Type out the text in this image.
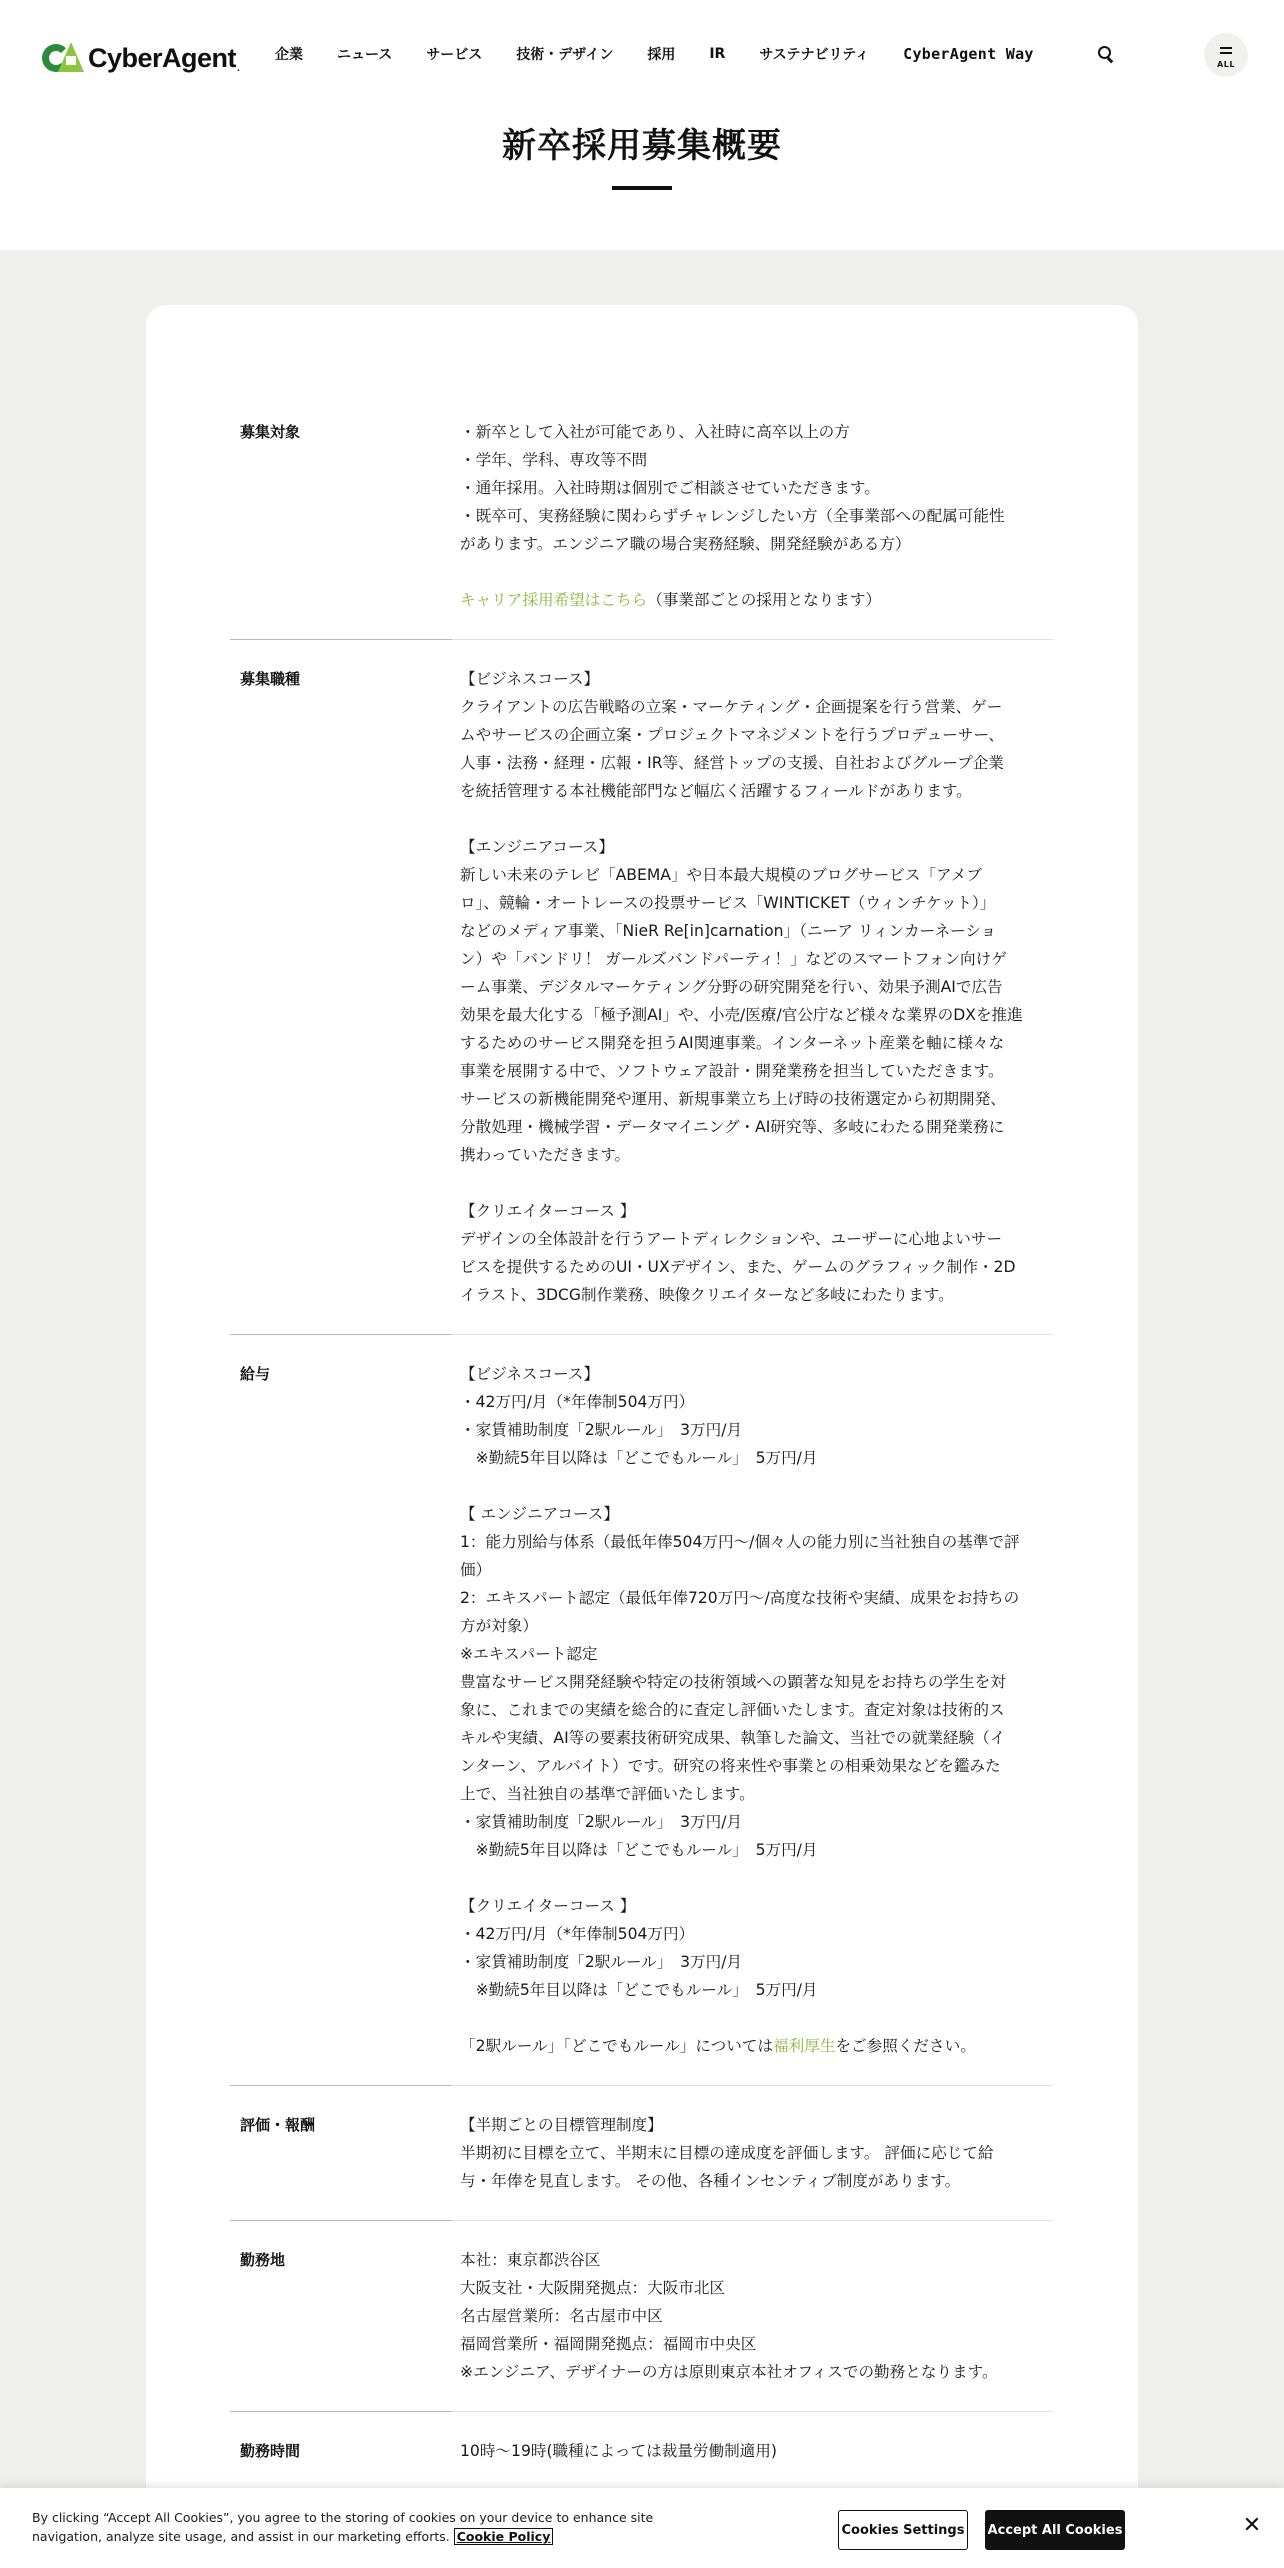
CyberAgent.
企業 ニュース サービス 技術・デザイン 採用 IR サステナビリティ CyberAgent Way
ALL
新卒採用募集概要
募集対象	・新卒として入社が可能であり、入社時に高卒以上の方

・学年、学科、専攻等不問

・通年採用。入社時期は個別でご相談させていただきます。

・既卒可、実務経験に関わらずチャレンジしたい方（全事業部への配属可能性

があります。エンジニア職の場合実務経験、開発経験がある方）

キャリア採用希望はこちら（事業部ごとの採用となります）

募集職種	【ビジネスコース】

クライアントの広告戦略の立案・マーケティング・企画提案を行う営業、ゲー

ムやサービスの企画立案・プロジェクトマネジメントを行うプロデューサー、

人事・法務・経理・広報・IR等、経営トップの支援、自社およびグループ企業

を統括管理する本社機能部門など幅広く活躍するフィールドがあります。

【エンジニアコース】

新しい未来のテレビ「ABEMA」や日本最大規模のブログサービス「アメブ

ロ」、競輪・オートレースの投票サービス「WINTICKET（ウィンチケット）」

などのメディア事業、「NieR Re[in]carnation」（ニーア リィンカーネーショ

ン）や「バンドリ！ ガールズバンドパーティ！」などのスマートフォン向けゲ

ーム事業、デジタルマーケティング分野の研究開発を行い、効果予測AIで広告

効果を最大化する「極予測AI」や、小売/医療/官公庁など様々な業界のDXを推進

するためのサービス開発を担うAI関連事業。インターネット産業を軸に様々な

事業を展開する中で、ソフトウェア設計・開発業務を担当していただきます。

サービスの新機能開発や運用、新規事業立ち上げ時の技術選定から初期開発、

分散処理・機械学習・データマイニング・AI研究等、多岐にわたる開発業務に

携わっていただきます。

【クリエイターコース 】

デザインの全体設計を行うアートディレクションや、ユーザーに心地よいサー

ビスを提供するためのUI・UXデザイン、また、ゲームのグラフィック制作・2D

イラスト、3DCG制作業務、映像クリエイターなど多岐にわたります。

給与	【ビジネスコース】

・42万円/月（*年俸制504万円）

・家賃補助制度「2駅ルール」　3万円/月

　※勤続5年目以降は「どこでもルール」　5万円/月

【 エンジニアコース】

1：能力別給与体系（最低年俸504万円～/個々人の能力別に当社独自の基準で評

価）

2：エキスパート認定（最低年俸720万円～/高度な技術や実績、成果をお持ちの

方が対象）

※エキスパート認定

豊富なサービス開発経験や特定の技術領域への顕著な知見をお持ちの学生を対

象に、これまでの実績を総合的に査定し評価いたします。査定対象は技術的ス

キルや実績、AI等の要素技術研究成果、執筆した論文、当社での就業経験（イ

ンターン、アルバイト）です。研究の将来性や事業との相乗効果などを鑑みた

上で、当社独自の基準で評価いたします。

・家賃補助制度「2駅ルール」　3万円/月

　※勤続5年目以降は「どこでもルール」　5万円/月

【クリエイターコース 】

・42万円/月（*年俸制504万円）

・家賃補助制度「2駅ルール」　3万円/月

　※勤続5年目以降は「どこでもルール」　5万円/月

「2駅ルール」「どこでもルール」については福利厚生をご参照ください。

評価・報酬	【半期ごとの目標管理制度】

半期初に目標を立て、半期末に目標の達成度を評価します。 評価に応じて給

与・年俸を見直します。 その他、各種インセンティブ制度があります。

勤務地	本社：東京都渋谷区

大阪支社・大阪開発拠点：大阪市北区

名古屋営業所：名古屋市中区

福岡営業所・福岡開発拠点：福岡市中央区

※エンジニア、デザイナーの方は原則東京本社オフィスでの勤務となります。

勤務時間	10時～19時(職種によっては裁量労働制適用)

By clicking “Accept All Cookies”, you agree to the storing of cookies on your device to enhance site navigation, analyze site usage, and assist in our marketing efforts. Cookie Policy	Cookies Settings Accept All Cookies	✕
